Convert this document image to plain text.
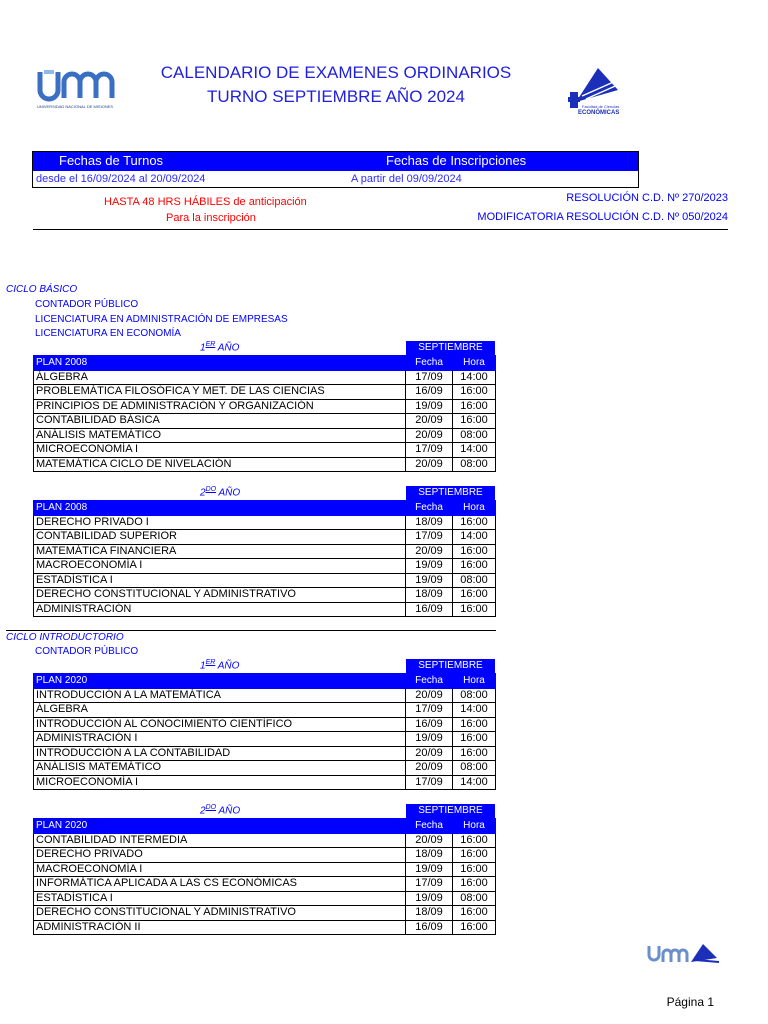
UNIVERSIDAD NACIONAL DE MISIONES
CALENDARIO DE EXAMENES ORDINARIOS
TURNO SEPTIEMBRE AÑO 2024
Facultad de Ciencias
ECONÓMICAS
Fechas de Turnos	Fechas de Inscripciones
desde el 16/09/2024 al 20/09/2024	A partir del 09/09/2024
HASTA 48 HRS HÁBILES de anticipación
Para la inscripción
RESOLUCIÓN C.D. Nº 270/2023
MODIFICATORIA RESOLUCIÓN C.D. Nº 050/2024
CICLO BÁSICO
CONTADOR PÚBLICO
LICENCIATURA EN ADMINISTRACIÓN DE EMPRESAS
LICENCIATURA EN ECONOMÍA
1ER AÑO	SEPTIEMBRE
PLAN 2008	Fecha	Hora
ÁLGEBRA	17/09	14:00
PROBLEMÁTICA FILOSÓFICA Y MET. DE LAS CIENCIAS	16/09	16:00
PRINCIPIOS DE ADMINISTRACIÓN Y ORGANIZACIÓN	19/09	16:00
CONTABILIDAD BÁSICA	20/09	16:00
ANÁLISIS MATEMÁTICO	20/09	08:00
MICROECONOMÍA I	17/09	14:00
MATEMÁTICA CICLO DE NIVELACIÓN	20/09	08:00
$2^{DO}$ AÑO	SEPTIEMBRE
PLAN 2008	Fecha	Hora
DERECHO PRIVADO I	18/09	16:00
CONTABILIDAD SUPERIOR	17/09	14:00
MATEMÁTICA FINANCIERA	20/09	16:00
MACROECONOMÍA I	19/09	16:00
ESTADÍSTICA I	19/09	08:00
DERECHO CONSTITUCIONAL Y ADMINISTRATIVO	18/09	16:00
ADMINISTRACIÓN	16/09	16:00
CICLO INTRODUCTORIO
CONTADOR PÚBLICO
1ER AÑO	SEPTIEMBRE
PLAN 2020	Fecha	Hora
INTRODUCCIÓN A LA MATEMÁTICA	20/09	08:00
ÁLGEBRA	17/09	14:00
INTRODUCCIÓN AL CONOCIMIENTO CIENTÍFICO	16/09	16:00
ADMINISTRACIÓN I	19/09	16:00
INTRODUCCIÓN A LA CONTABILIDAD	20/09	16:00
ANÁLISIS MATEMÁTICO	20/09	08:00
MICROECONOMÍA I	17/09	14:00
$2^{DO}$ AÑO	SEPTIEMBRE
PLAN 2020	Fecha	Hora
CONTABILIDAD INTERMEDIA	20/09	16:00
DERECHO PRIVADO	18/09	16:00
MACROECONOMÍA I	19/09	16:00
INFORMÁTICA APLICADA A LAS CS ECONÓMICAS	17/09	16:00
ESTADÍSTICA I	19/09	08:00
DERECHO CONSTITUCIONAL Y ADMINISTRATIVO	18/09	16:00
ADMINISTRACIÓN II	16/09	16:00
Página 1
